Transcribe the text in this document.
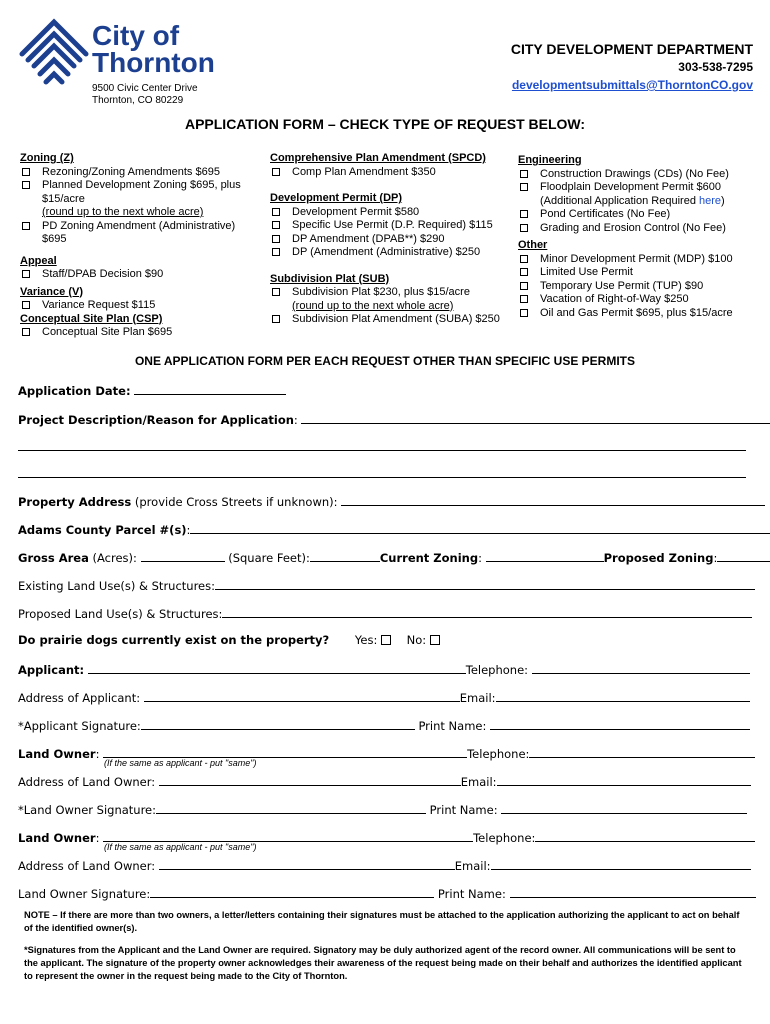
City of
Thornton
9500 Civic Center Drive
Thornton, CO 80229
CITY DEVELOPMENT DEPARTMENT
303-538-7295
developmentsubmittals@ThorntonCO.gov
APPLICATION FORM – CHECK TYPE OF REQUEST BELOW:
Zoning (Z)
Rezoning/Zoning Amendments $695
Planned Development Zoning $695, plus $15/acre
(round up to the next whole acre)
PD Zoning Amendment (Administrative) $695
Appeal
Staff/DPAB Decision $90
Variance (V)
Variance Request $115
Conceptual Site Plan (CSP)
Conceptual Site Plan $695
Comprehensive Plan Amendment (SPCD)
Comp Plan Amendment $350
Development Permit (DP)
Development Permit $580
Specific Use Permit (D.P. Required) $115
DP Amendment (DPAB**) $290
DP (Amendment (Administrative) $250
Subdivision Plat (SUB)
Subdivision Plat $230, plus $15/acre
(round up to the next whole acre)
Subdivision Plat Amendment (SUBA) $250
Engineering
Construction Drawings (CDs) (No Fee)
Floodplain Development Permit $600
(Additional Application Required here)
Pond Certificates (No Fee)
Grading and Erosion Control (No Fee)
Other
Minor Development Permit (MDP) $100
Limited Use Permit
Temporary Use Permit (TUP) $90
Vacation of Right-of-Way $250
Oil and Gas Permit $695, plus $15/acre
ONE APPLICATION FORM PER EACH REQUEST OTHER THAN SPECIFIC USE PERMITS
Application Date:
Project Description/Reason for Application:
Property Address (provide Cross Streets if unknown):
Adams County Parcel #(s):
Gross Area (Acres):	(Square Feet):	Current Zoning:	Proposed Zoning:
Existing Land Use(s) & Structures:
Proposed Land Use(s) & Structures:
Do prairie dogs currently exist on the property? Yes:	No:
Applicant:	Telephone:
Address of Applicant:	Email:
*Applicant Signature:	Print Name:
Land Owner:	Telephone:
(If the same as applicant - put "same")
Address of Land Owner:	Email:
*Land Owner Signature:	Print Name:
Land Owner:	Telephone:
(If the same as applicant - put "same")
Address of Land Owner:	Email:
Land Owner Signature:	Print Name:
NOTE – If there are more than two owners, a letter/letters containing their signatures must be attached to the application authorizing the applicant to act on behalf of the identified owner(s).
*Signatures from the Applicant and the Land Owner are required. Signatory may be duly authorized agent of the record owner. All communications will be sent to the applicant. The signature of the property owner acknowledges their awareness of the request being made on their behalf and authorizes the identified applicant to represent the owner in the request being made to the City of Thornton.
